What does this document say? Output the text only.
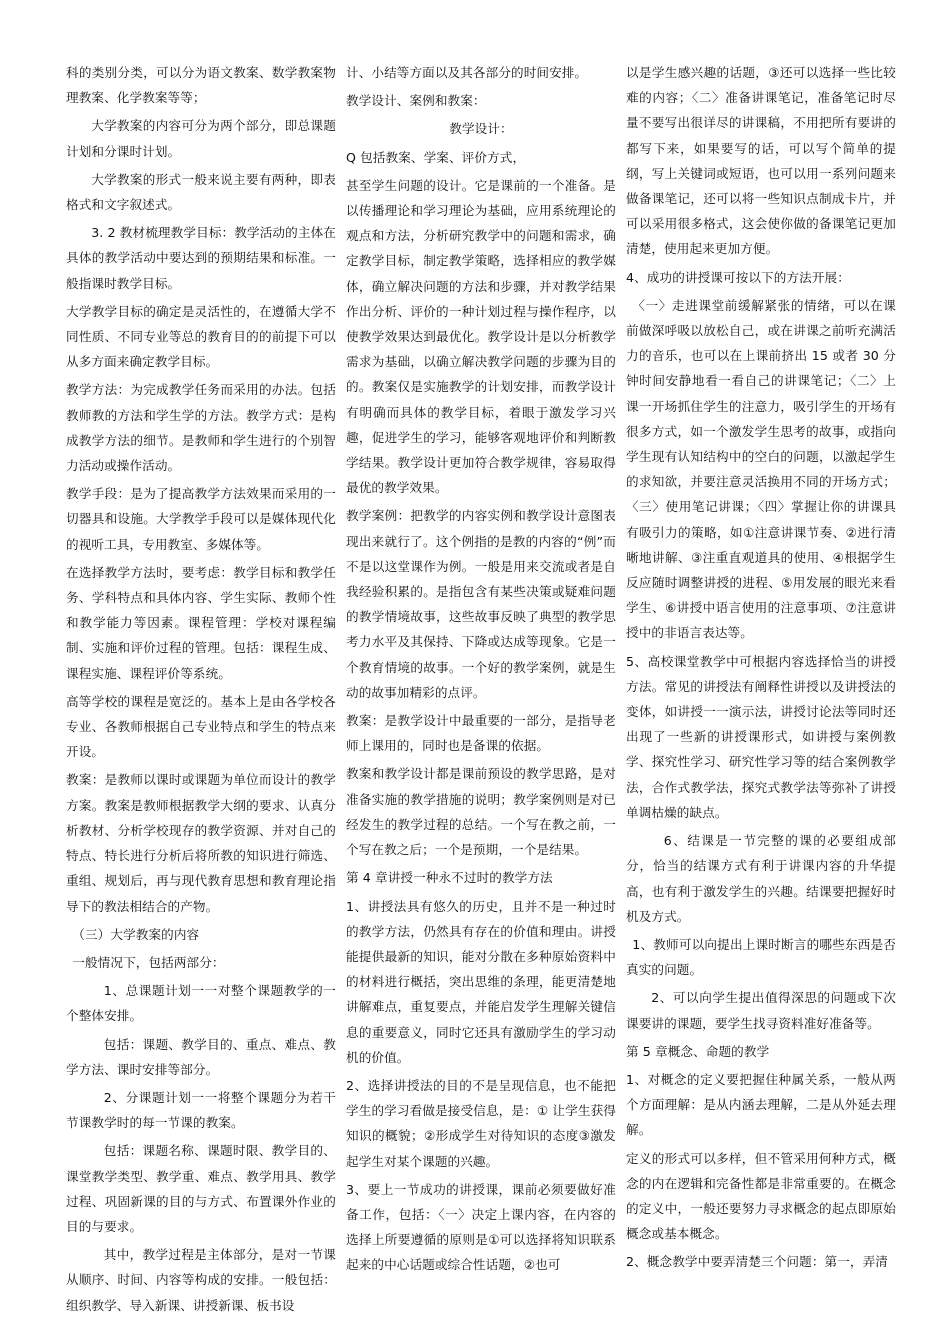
科的类别分类，可以分为语文教案、数学教案物理教案、化学教案等等；

大学教案的内容可分为两个部分，即总课题计划和分课时计划。

大学教案的形式一般来说主要有两种，即表格式和文字叙述式。

3. 2 教材梳理教学目标：教学活动的主体在具体的教学活动中要达到的预期结果和标准。一般指课时教学目标。

大学教学目标的确定是灵活性的，在遵循大学不同性质、不同专业等总的教育目的的前提下可以从多方面来确定教学目标。

教学方法：为完成教学任务而采用的办法。包括教师教的方法和学生学的方法。教学方式：是构成教学方法的细节。是教师和学生进行的个别智力活动或操作活动。

教学手段：是为了提高教学方法效果而采用的一切器具和设施。大学教学手段可以是媒体现代化的视听工具，专用教室、多媒体等。

在选择教学方法时，要考虑：教学目标和教学任务、学科特点和具体内容、学生实际、教师个性和教学能力等因素。课程管理：学校对课程编制、实施和评价过程的管理。包括：课程生成、课程实施、课程评价等系统。

高等学校的课程是宽泛的。基本上是由各学校各专业、各教师根据自己专业特点和学生的特点来开设。

教案：是教师以课时或课题为单位而设计的教学方案。教案是教师根据教学大纲的要求、认真分析教材、分析学校现存的教学资源、并对自己的特点、特长进行分析后将所教的知识进行筛选、重组、规划后，再与现代教育思想和教育理论指导下的教法相结合的产物。

（三）大学教案的内容

一般情况下，包括两部分：

1、总课题计划一一对整个课题教学的一个整体安排。

包括：课题、教学目的、重点、难点、教学方法、课时安排等部分。

2、分课题计划一一将整个课题分为若干节课教学时的每一节课的教案。

包括：课题名称、课题时限、教学目的、课堂教学类型、教学重、难点、教学用具、教学过程、巩固新课的目的与方式、布置课外作业的目的与要求。

其中，教学过程是主体部分，是对一节课从顺序、时间、内容等构成的安排。一般包括：组织教学、导入新课、讲授新课、板书设

计、小结等方面以及其各部分的时间安排。

教学设计、案例和教案：

教学设计：

Q 包括教案、学案、评价方式，

甚至学生问题的设计。它是课前的一个准备。是以传播理论和学习理论为基础，应用系统理论的观点和方法，分析研究教学中的问题和需求，确定教学目标，制定教学策略，选择相应的教学媒体，确立解决问题的方法和步骤，并对教学结果作出分析、评价的一种计划过程与操作程序，以使教学效果达到最优化。教学设计是以分析教学需求为基础，以确立解决教学问题的步骤为目的的。教案仅是实施教学的计划安排，而教学设计有明确而具体的教学目标，着眼于激发学习兴趣，促进学生的学习，能够客观地评价和判断教学结果。教学设计更加符合教学规律，容易取得最优的教学效果。

教学案例：把教学的内容实例和教学设计意图表现出来就行了。这个例指的是教的内容的“例”而不是以这堂课作为例。一般是用来交流或者是自我经验积累的。是指包含有某些决策或疑难问题的教学情境故事，这些故事反映了典型的教学思考力水平及其保持、下降或达成等现象。它是一个教育情境的故事。一个好的教学案例，就是生动的故事加精彩的点评。

教案：是教学设计中最重要的一部分，是指导老师上课用的，同时也是备课的依据。

教案和教学设计都是课前预设的教学思路，是对准备实施的教学措施的说明；教学案例则是对已经发生的教学过程的总结。一个写在教之前，一个写在教之后；一个是预期，一个是结果。

第 4 章讲授一种永不过时的教学方法

1、讲授法具有悠久的历史，且并不是一种过时的教学方法，仍然具有存在的价值和理由。讲授能提供最新的知识，能对分散在多种原始资料中的材料进行概括，突出思维的条理，能更清楚地讲解难点，重复要点，并能启发学生理解关键信息的重要意义，同时它还具有激励学生的学习动机的价值。

2、选择讲授法的目的不是呈现信息，也不能把学生的学习看做是接受信息，是：① 让学生获得知识的概貌；②形成学生对待知识的态度③激发起学生对某个课题的兴趣。

3、要上一节成功的讲授课，课前必须要做好准备工作，包括：〈一〉决定上课内容，在内容的选择上所要遵循的原则是①可以选择将知识联系起来的中心话题或综合性话题，②也可

以是学生感兴趣的话题，③还可以选择一些比较难的内容；〈二〉准备讲课笔记，准备笔记时尽量不要写出很详尽的讲课稿，不用把所有要讲的都写下来，如果要写的话，可以写个简单的提纲，写上关键词或短语，也可以用一系列问题来做备课笔记，还可以将一些知识点制成卡片，并可以采用很多格式，这会使你做的备课笔记更加清楚，使用起来更加方便。

4、成功的讲授课可按以下的方法开展：

〈一〉走进课堂前缓解紧张的情绪，可以在课前做深呼吸以放松自己，或在讲课之前听充满活力的音乐，也可以在上课前挤出 15 或者 30 分钟时间安静地看一看自己的讲课笔记；〈二〉上课一开场抓住学生的注意力，吸引学生的开场有很多方式，如一个激发学生思考的故事，或指向学生现有认知结构中的空白的问题，以激起学生的求知欲，并要注意灵活换用不同的开场方式；〈三〉使用笔记讲课；〈四〉掌握让你的讲课具有吸引力的策略，如①注意讲课节奏、②进行清晰地讲解、③注重直观道具的使用、④根据学生反应随时调整讲授的进程、⑤用发展的眼光来看学生、⑥讲授中语言使用的注意事项、⑦注意讲授中的非语言表达等。

5、高校课堂教学中可根据内容选择恰当的讲授方法。常见的讲授法有阐释性讲授以及讲授法的变体，如讲授一一演示法，讲授讨论法等同时还出现了一些新的讲授课形式，如讲授与案例教学、探究性学习、研究性学习等的结合案例教学法，合作式教学法，探究式教学法等弥补了讲授单调枯燥的缺点。

6、结课是一节完整的课的必要组成部分，恰当的结课方式有利于讲课内容的升华提高，也有利于激发学生的兴趣。结课要把握好时机及方式。

1、教师可以向提出上课时断言的哪些东西是否真实的问题。

2、可以向学生提出值得深思的问题或下次课要讲的课题，要学生找寻资料准好准备等。

第 5 章概念、命题的教学

1、对概念的定义要把握住种属关系，一般从两个方面理解：是从内涵去理解，二是从外延去理解。

定义的形式可以多样，但不管采用何种方式，概念的内在逻辑和完备性都是非常重要的。在概念的定义中，一般还要努力寻求概念的起点即原始概念或基本概念。

2、概念教学中要弄清楚三个问题：第一，弄清
